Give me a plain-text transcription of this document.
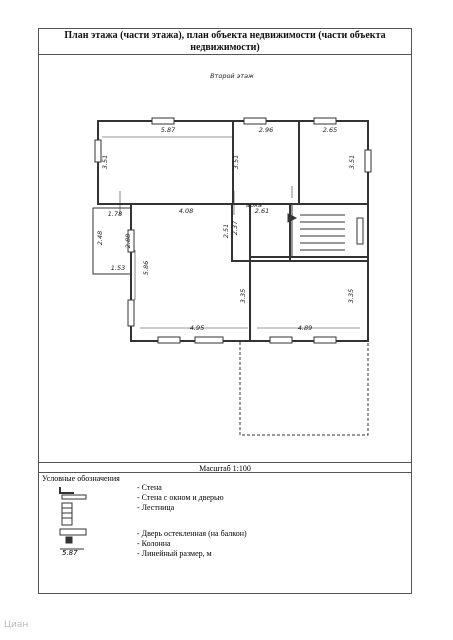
План этажа (части этажа), план объекта недвижимости (части объекта недвижимости)
Второй этаж
5.87	2.96	2.65
3.51	3.51	3.51
1.78	4.08	2.61
арка
2.48	2.88
2.51 2.37
1.53	5.86
3.35	3.35
4.95	4.89
Масштаб 1:100
Условные обозначения
5.87
- Стена
- Стена с окном и дверью
- Лестница
- Дверь остекленная (на балкон)
- Колонна
- Линейный размер, м
Циан
